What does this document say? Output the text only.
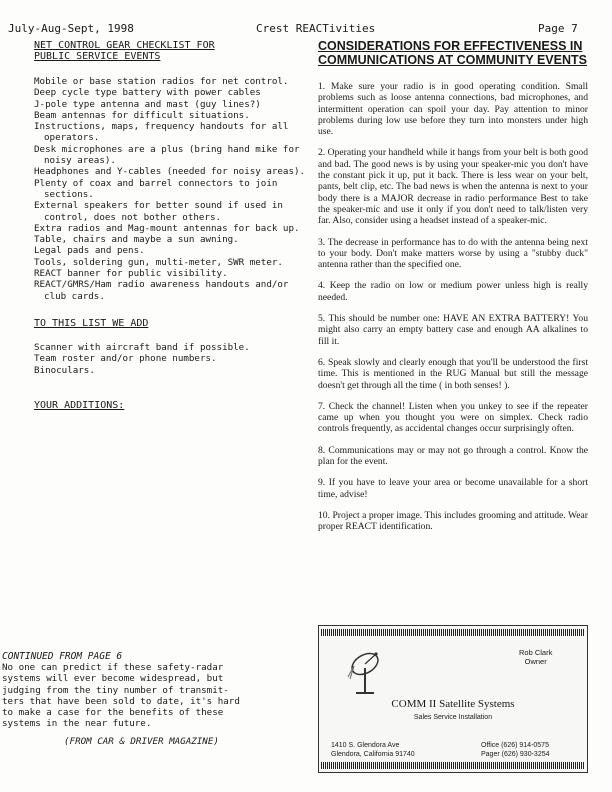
July-Aug-Sept, 1998	Crest REACTivities	Page 7
NET CONTROL GEAR CHECKLIST FOR
PUBLIC SERVICE EVENTS
Mobile or base station radios for net control.
Deep cycle type battery with power cables
J-pole type antenna and mast (guy lines?)
Beam antennas for difficult situations.
Instructions, maps, frequency handouts for all operators.
Desk microphones are a plus (bring hand mike for noisy areas).
Headphones and Y-cables (needed for noisy areas).
Plenty of coax and barrel connectors to join sections.
External speakers for better sound if used in control, does not bother others.
Extra radios and Mag-mount antennas for back up.
Table, chairs and maybe a sun awning.
Legal pads and pens.
Tools, soldering gun, multi-meter, SWR meter.
REACT banner for public visibility.
REACT/GMRS/Ham radio awareness handouts and/or club cards.
TO THIS LIST WE ADD
Scanner with aircraft band if possible.
Team roster and/or phone numbers.
Binoculars.
YOUR ADDITIONS:
CONTINUED FROM PAGE 6
No one can predict if these safety-radar
systems will ever become widespread, but
judging from the tiny number of transmit-
ters that have been sold to date, it's hard
to make a case for the benefits of these
systems in the near future.
(FROM CAR & DRIVER MAGAZINE)
CONSIDERATIONS FOR EFFECTIVENESS IN COMMUNICATIONS AT COMMUNITY EVENTS

1. Make sure your radio is in good operating condition. Small problems such as loose antenna connections, bad microphones, and intermittent operation can spoil your day. Pay attention to minor problems during low use before they turn into monsters under high use.

2. Operating your handheld while it hangs from your belt is both good and bad. The good news is by using your speaker-mic you don't have the constant pick it up, put it back. There is less wear on your belt, pants, belt clip, etc. The bad news is when the antenna is next to your body there is a MAJOR decrease in radio performance Best to take the speaker-mic and use it only if you don't need to talk/listen very far. Also, consider using a headset instead of a speaker-mic.

3. The decrease in performance has to do with the antenna being next to your body. Don't make matters worse by using a "stubby duck" antenna rather than the specified one.

4. Keep the radio on low or medium power unless high is really needed.

5. This should be number one: HAVE AN EXTRA BATTERY! You might also carry an empty battery case and enough AA alkalines to fill it.

6. Speak slowly and clearly enough that you'll be understood the first time. This is mentioned in the RUG Manual but still the message doesn't get through all the time ( in both senses! ).

7. Check the channel! Listen when you unkey to see if the repeater came up when you thought you were on simplex. Check radio controls frequently, as accidental changes occur surprisingly often.

8. Communications may or may not go through a control. Know the plan for the event.

9. If you have to leave your area or become unavailable for a short time, advise!

10. Project a proper image. This includes grooming and attitude. Wear proper REACT identification.

Rob Clark
Owner
COMM II Satellite Systems
Sales Service Installation
1410 S. Glendora Ave
Glendora, California 91740
Office (626) 914-0575
Pager (626) 930-3254
